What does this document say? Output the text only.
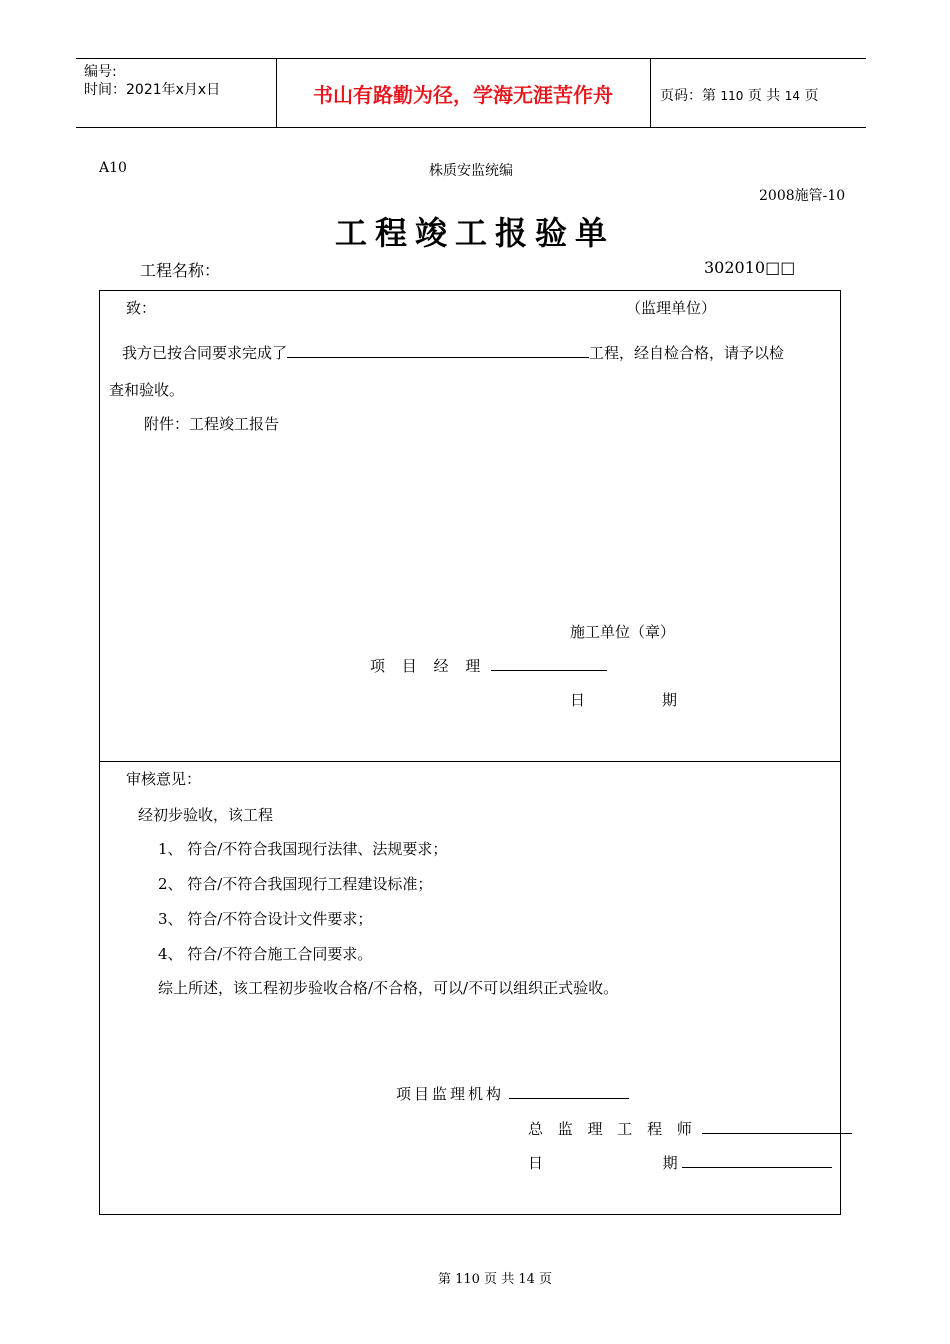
编号:
时间：2021年x月x日	书山有路勤为径，学海无涯苦作舟	页码：第 110 页 共 14 页
A10	株质安监统编
2008施管-10
工程竣工报验单
工程名称：	302010□□
致：	（监理单位）
我方已按合同要求完成了	工程，经自检合格，请予以检
查和验收。
附件：工程竣工报告
施工单位（章）
项 目 经 理
日	期
审核意见：
经初步验收，该工程
1、 符合/不符合我国现行法律、法规要求；
2、 符合/不符合我国现行工程建设标准；
3、 符合/不符合设计文件要求；
4、 符合/不符合施工合同要求。
综上所述，该工程初步验收合格/不合格，可以/不可以组织正式验收。
项目监理机构
总 监 理 工 程 师
日	期
第 110 页 共 14 页
